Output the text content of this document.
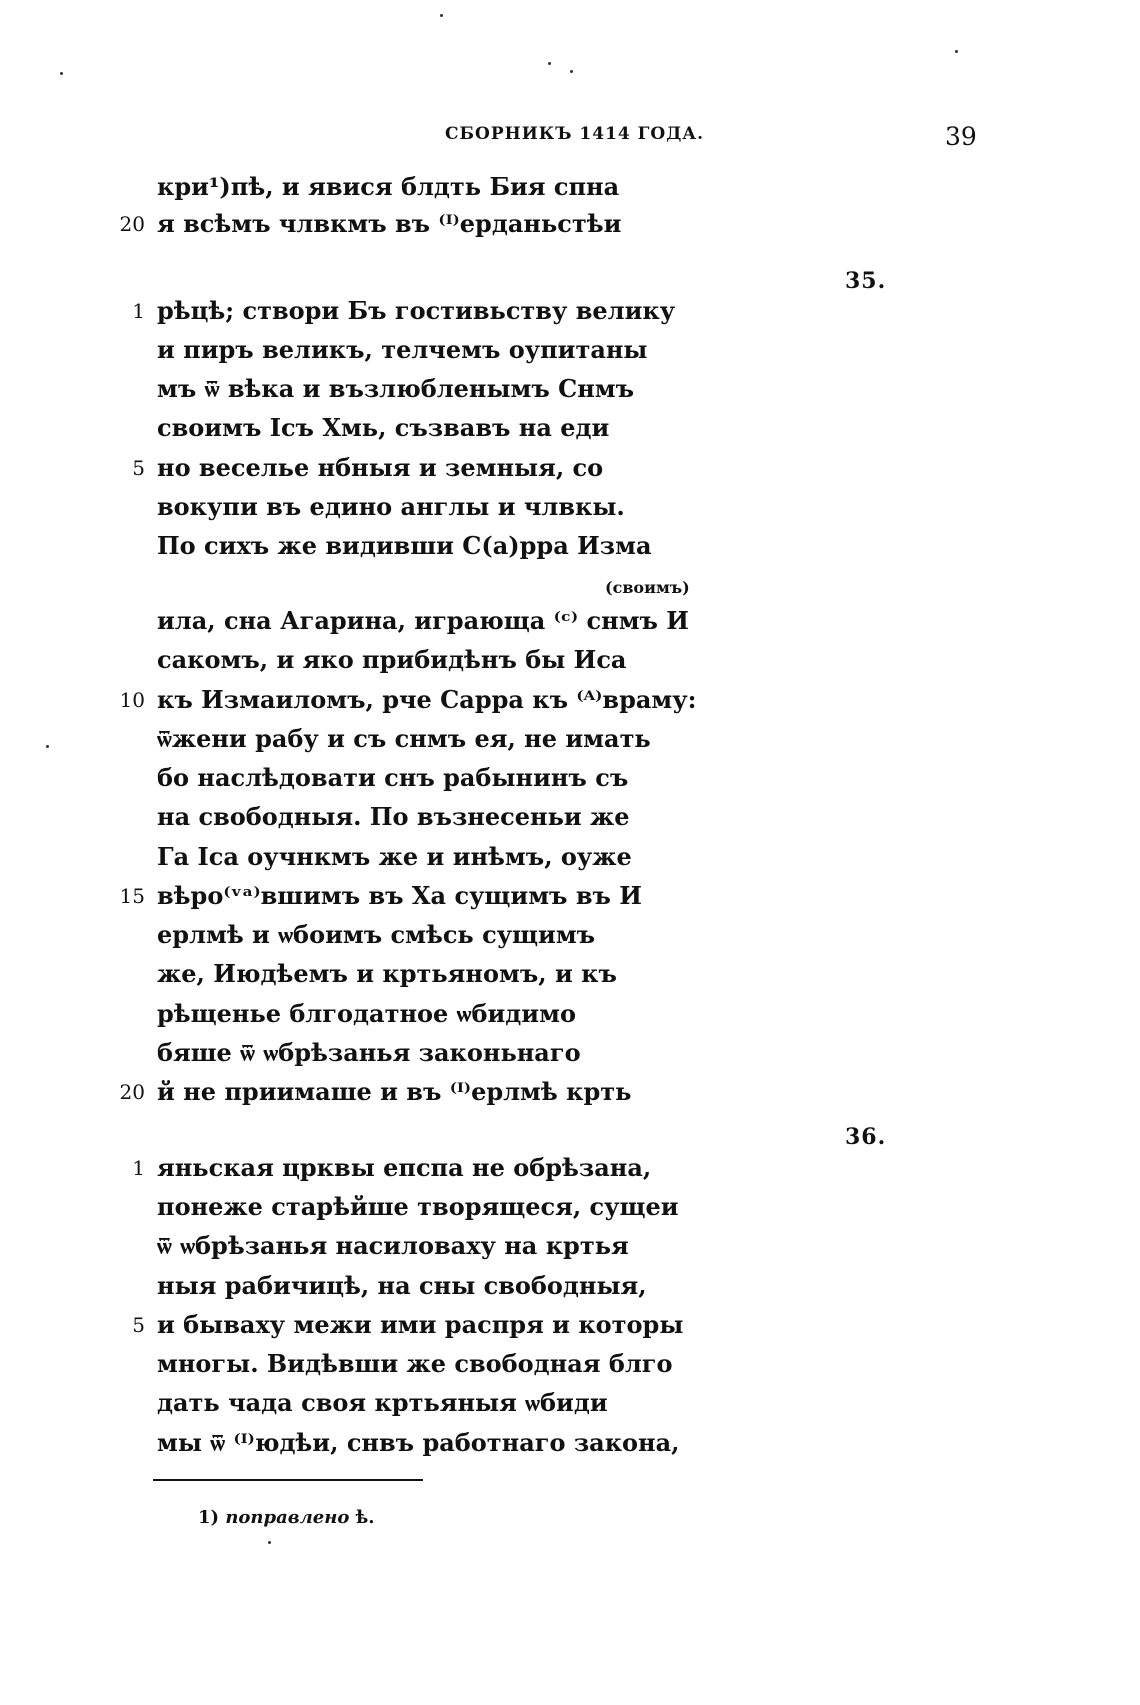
СБОРНИКЪ 1414 ГОДА.	39
кри¹)пѣ, и явися блдть Бия спна
20 я всѣмъ члвкмъ въ ⁽ᴵ⁾ерданьстѣи
1 рѣцѣ; створи Бъ гостивьству велику
и пиръ великъ, телчемъ оупитаны
мъ ѿ вѣка и възлюбленымъ Снмъ
своимъ Ісъ Хмь, съзвавъ на еди
5 но веселье нбныя и земныя, со
вокупи въ едино англы и члвкы.
По сихъ же видивши С(а)рра Изма
ила, сна Агарина, играюща ⁽ᶜ⁾ снмъ И
сакомъ, и яко прибидѣнъ бы Иса
10 къ Измаиломъ, рче Сарра къ ⁽ᴬ⁾враму:
ѿжени рабу и съ снмъ ея, не имать
бо наслѣдовати снъ рабынинъ съ
на свободныя. По възнесеньи же
Га Іса оучнкмъ же и инѣмъ, оуже
15 вѣро⁽ᵛᵃ⁾вшимъ въ Ха сущимъ въ И
ерлмѣ и ѡбоимъ смѣсь сущимъ
же, Июдѣемъ и кртьяномъ, и къ
рѣщенье блгодатное ѡбидимо
бяше ѿ ѡбрѣзанья законьнаго
20 й не приимаше и въ ⁽ᴵ⁾ерлмѣ крть
1 яньская црквы епспа не обрѣзана,
понеже старѣйше творящеся, сущеи
ѿ ѡбрѣзанья насиловаху на кртья
ныя рабичицѣ, на сны свободныя,
5 и бываху межи ими распря и которы
многы. Видѣвши же свободная блго
дать чада своя кртьяныя ѡбиди
мы ѿ ⁽ᴵ⁾юдѣи, снвъ работнаго закона,
(своимъ)
35.
36.
1) поправлено ѣ.
